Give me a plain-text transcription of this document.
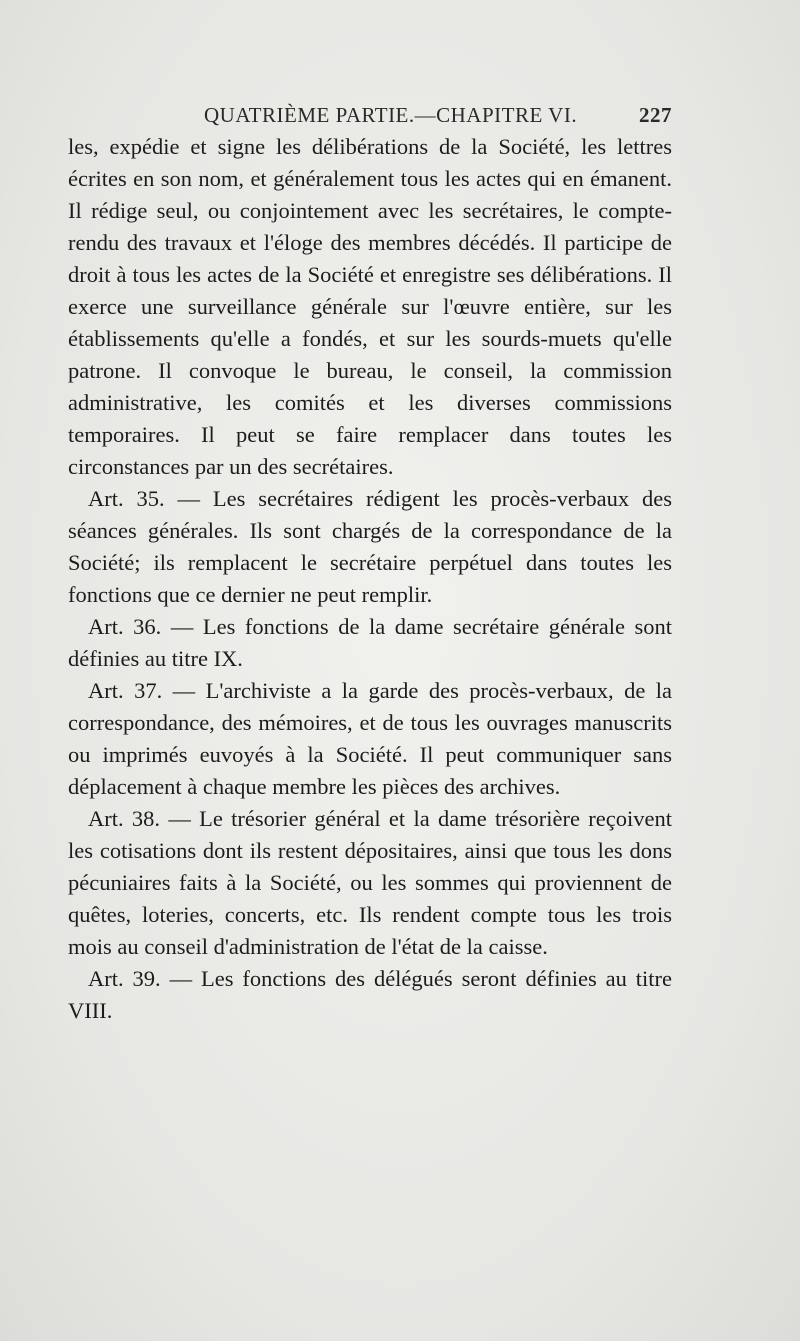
QUATRIÈME PARTIE.—CHAPITRE VI.	227

les, expédie et signe les délibérations de la Société, les lettres écrites en son nom, et généralement tous les actes qui en émanent. Il rédige seul, ou conjointement avec les secrétaires, le compte-rendu des travaux et l'éloge des membres décédés. Il participe de droit à tous les actes de la Société et enregistre ses délibérations. Il exerce une surveillance générale sur l'œuvre entière, sur les établissements qu'elle a fondés, et sur les sourds-muets qu'elle patrone. Il convoque le bureau, le conseil, la commission administrative, les comités et les diverses commissions temporaires. Il peut se faire remplacer dans toutes les circonstances par un des secrétaires.

Art. 35. — Les secrétaires rédigent les procès-verbaux des séances générales. Ils sont chargés de la correspondance de la Société; ils remplacent le secrétaire perpétuel dans toutes les fonctions que ce dernier ne peut remplir.

Art. 36. — Les fonctions de la dame secrétaire générale sont définies au titre IX.

Art. 37. — L'archiviste a la garde des procès-verbaux, de la correspondance, des mémoires, et de tous les ouvrages manuscrits ou imprimés euvoyés à la Société. Il peut communiquer sans déplacement à chaque membre les pièces des archives.

Art. 38. — Le trésorier général et la dame trésorière reçoivent les cotisations dont ils restent dépositaires, ainsi que tous les dons pécuniaires faits à la Société, ou les sommes qui proviennent de quêtes, loteries, concerts, etc. Ils rendent compte tous les trois mois au conseil d'administration de l'état de la caisse.

Art. 39. — Les fonctions des délégués seront définies au titre VIII.
